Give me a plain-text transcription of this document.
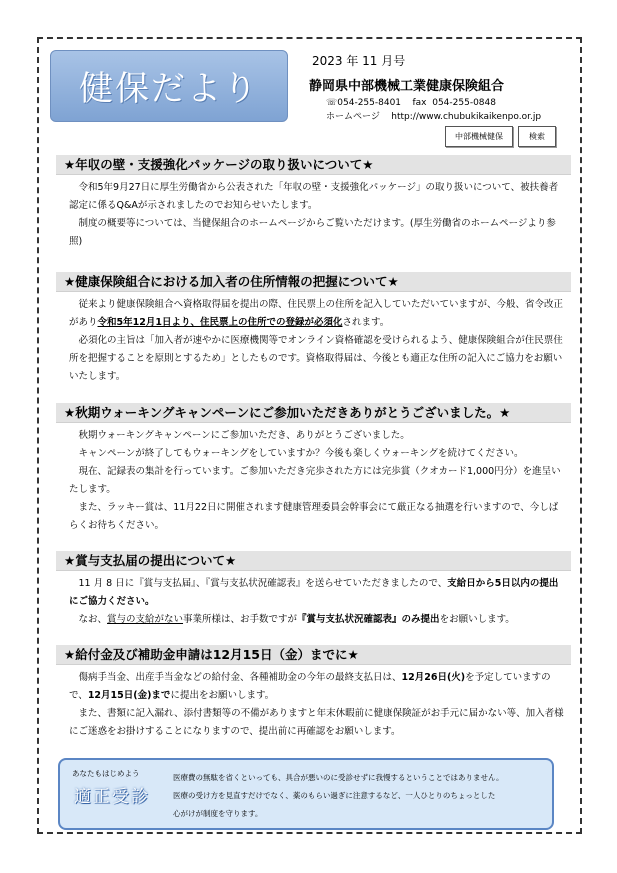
健保だより
2023 年 11 月号
静岡県中部機械工業健康保険組合
☏054-255-8401 fax 054-255-0848
ホームページ http://www.chubukikaikenpo.or.jp
中部機械健保	検索
★年収の壁・支援強化パッケージの取り扱いについて★

令和5年9月27日に厚生労働省から公表された「年収の壁・支援強化パッケージ」の取り扱いについて、被扶養者認定に係るQ&Aが示されましたのでお知らせいたします。

制度の概要等については、当健保組合のホームページからご覧いただけます。(厚生労働省のホームページより参照)

★健康保険組合における加入者の住所情報の把握について★

従来より健康保険組合へ資格取得届を提出の際、住民票上の住所を記入していただいていますが、今般、省令改正があり令和5年12月1日より、住民票上の住所での登録が必須化されます。

必須化の主旨は「加入者が速やかに医療機関等でオンライン資格確認を受けられるよう、健康保険組合が住民票住所を把握することを原則とするため」としたものです。資格取得届は、今後とも適正な住所の記入にご協力をお願いいたします。

★秋期ウォーキングキャンペーンにご参加いただきありがとうございました。★

秋期ウォーキングキャンペーンにご参加いただき、ありがとうございました。

キャンペーンが終了してもウォーキングをしていますか？今後も楽しくウォーキングを続けてください。

現在、記録表の集計を行っています。ご参加いただき完歩された方には完歩賞（クオカード1,000円分）を進呈いたします。

また、ラッキー賞は、11月22日に開催されます健康管理委員会幹事会にて厳正なる抽選を行いますので、今しばらくお待ちください。

★賞与支払届の提出について★

11 月 8 日に『賞与支払届』、『賞与支払状況確認表』を送らせていただきましたので、支給日から5日以内の提出にご協力ください。

なお、賞与の支給がない事業所様は、お手数ですが『賞与支払状況確認表』のみ提出をお願いします。

★給付金及び補助金申請は12月15日（金）までに★

傷病手当金、出産手当金などの給付金、各種補助金の今年の最終支払日は、12月26日(火)を予定していますので、12月15日(金)までに提出をお願いします。

また、書類に記入漏れ、添付書類等の不備がありますと年末休暇前に健康保険証がお手元に届かない等、加入者様にご迷惑をお掛けすることになりますので、提出前に再確認をお願いします。

あなたもはじめよう
適正受診
医療費の無駄を省くといっても、具合が悪いのに受診せずに我慢するということではありません。
医療の受け方を見直すだけでなく、薬のもらい過ぎに注意するなど、一人ひとりのちょっとした
心がけが制度を守ります。
